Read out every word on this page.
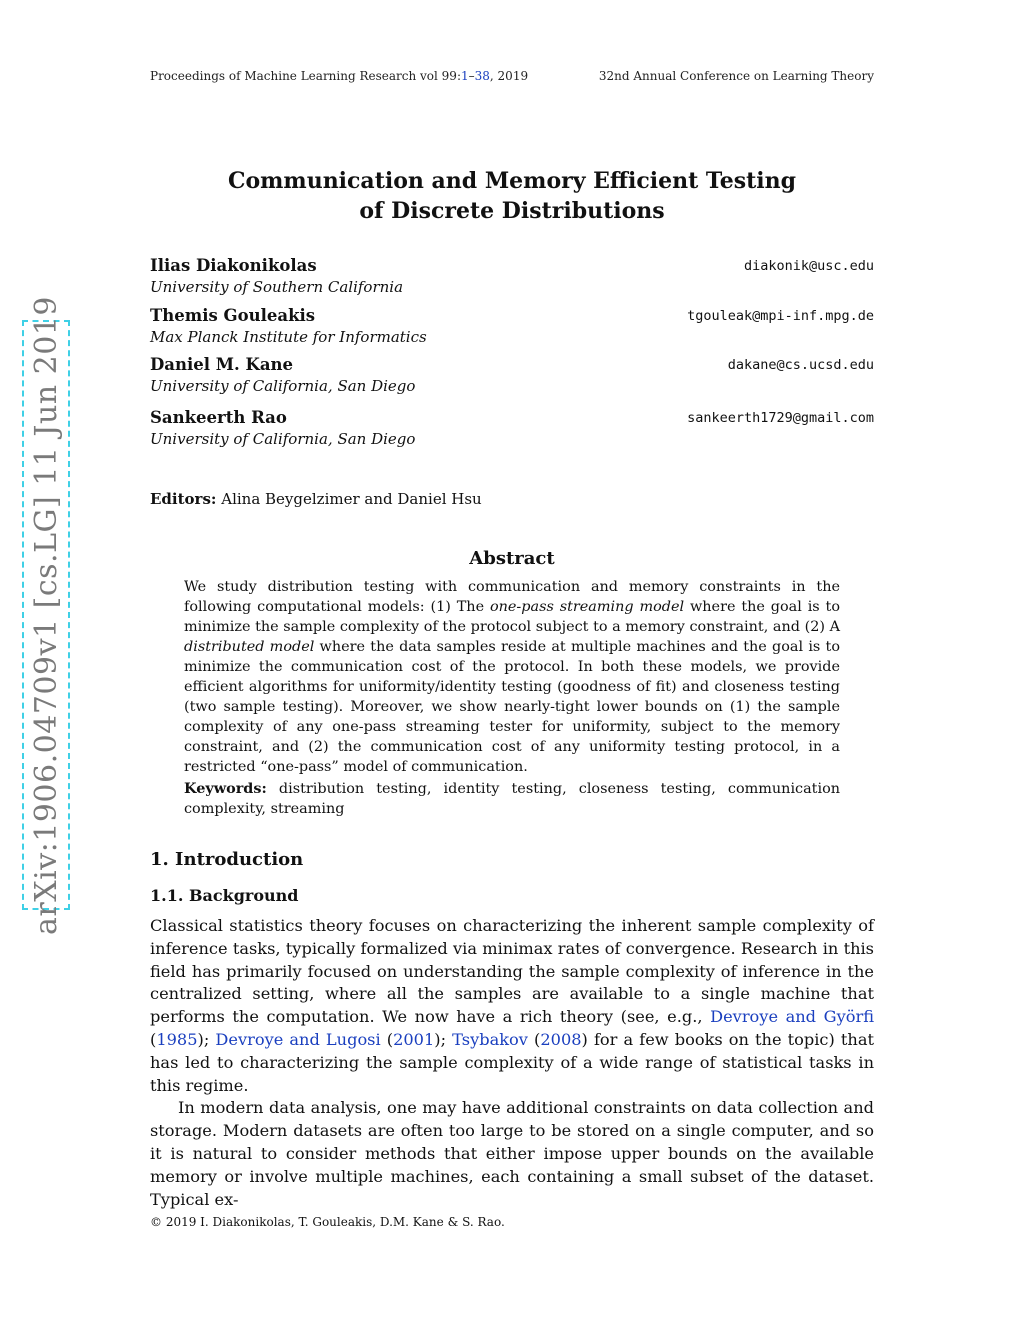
Proceedings of Machine Learning Research vol 99:1–38, 2019	32nd Annual Conference on Learning Theory
arXiv:1906.04709v1 [cs.LG] 11 Jun 2019
Communication and Memory Efficient Testing
of Discrete Distributions
Ilias Diakonikolas	diakonik@usc.edu
University of Southern California
Themis Gouleakis	tgouleak@mpi-inf.mpg.de
Max Planck Institute for Informatics
Daniel M. Kane	dakane@cs.ucsd.edu
University of California, San Diego
Sankeerth Rao	sankeerth1729@gmail.com
University of California, San Diego
Editors: Alina Beygelzimer and Daniel Hsu
Abstract

We study distribution testing with communication and memory constraints in the following computational models: (1) The one-pass streaming model where the goal is to minimize the sample complexity of the protocol subject to a memory constraint, and (2) A distributed model where the data samples reside at multiple machines and the goal is to minimize the communication cost of the protocol. In both these models, we provide efficient algorithms for uniformity/identity testing (goodness of fit) and closeness testing (two sample testing). Moreover, we show nearly-tight lower bounds on (1) the sample complexity of any one-pass streaming tester for uniformity, subject to the memory constraint, and (2) the communication cost of any uniformity testing protocol, in a restricted “one-pass” model of communication.

Keywords: distribution testing, identity testing, closeness testing, communication complexity, streaming

1. Introduction
1.1. Background

Classical statistics theory focuses on characterizing the inherent sample complexity of inference tasks, typically formalized via minimax rates of convergence. Research in this field has primarily focused on understanding the sample complexity of inference in the centralized setting, where all the samples are available to a single machine that performs the computation. We now have a rich theory (see, e.g., Devroye and Györfi (1985); Devroye and Lugosi (2001); Tsybakov (2008) for a few books on the topic) that has led to characterizing the sample complexity of a wide range of statistical tasks in this regime.

In modern data analysis, one may have additional constraints on data collection and storage. Modern datasets are often too large to be stored on a single computer, and so it is natural to consider methods that either impose upper bounds on the available memory or involve multiple machines, each containing a small subset of the dataset. Typical ex-

© 2019 I. Diakonikolas, T. Gouleakis, D.M. Kane & S. Rao.
